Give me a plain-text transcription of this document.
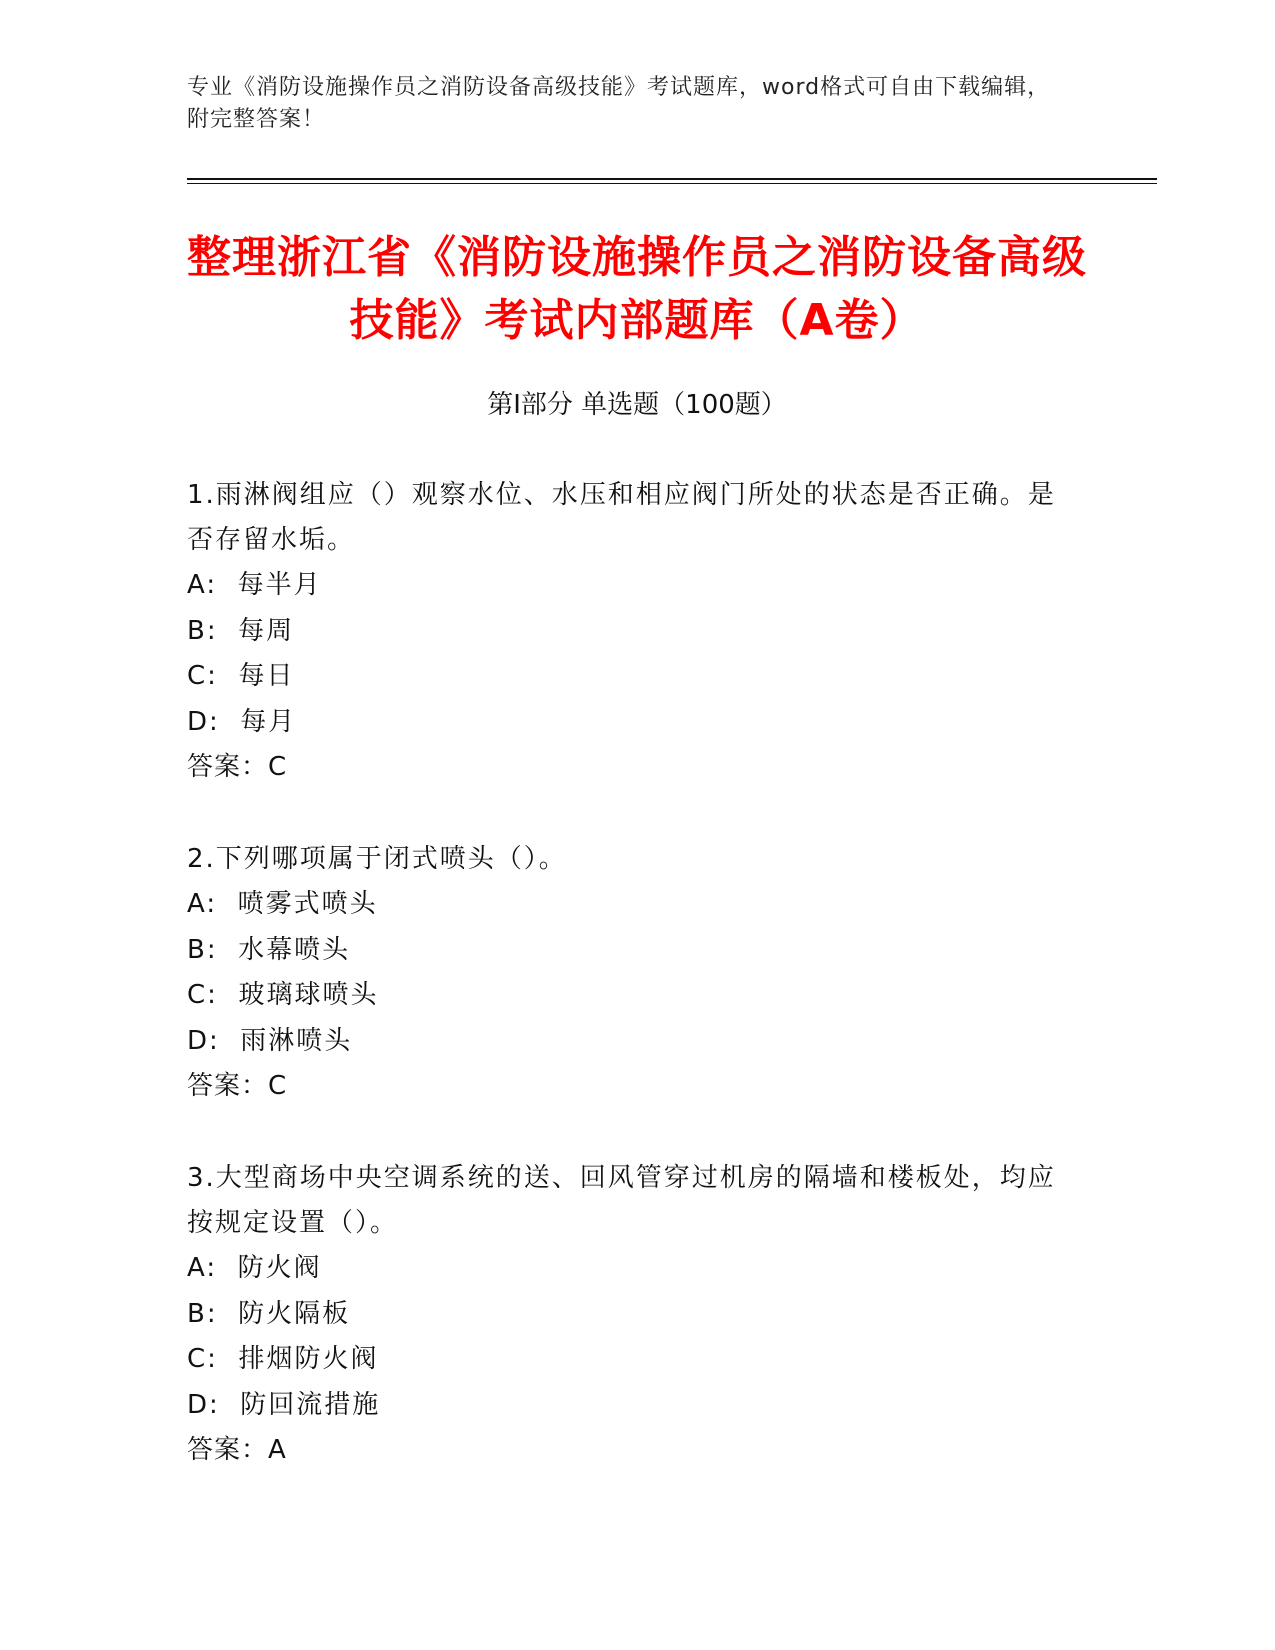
专业《消防设施操作员之消防设备高级技能》考试题库，word格式可自由下载编辑，附完整答案！
整理浙江省《消防设施操作员之消防设备高级技能》考试内部题库（A卷）
第Ⅰ部分 单选题（100题）
1.雨淋阀组应（）观察水位、水压和相应阀门所处的状态是否正确。是否存留水垢。
A:  每半月
B:  每周
C:  每日
D:  每月
答案：C
2.下列哪项属于闭式喷头（）。
A:  喷雾式喷头
B:  水幕喷头
C:  玻璃球喷头
D:  雨淋喷头
答案：C
3.大型商场中央空调系统的送、回风管穿过机房的隔墙和楼板处，均应按规定设置（）。
A:  防火阀
B:  防火隔板
C:  排烟防火阀
D:  防回流措施
答案：A
